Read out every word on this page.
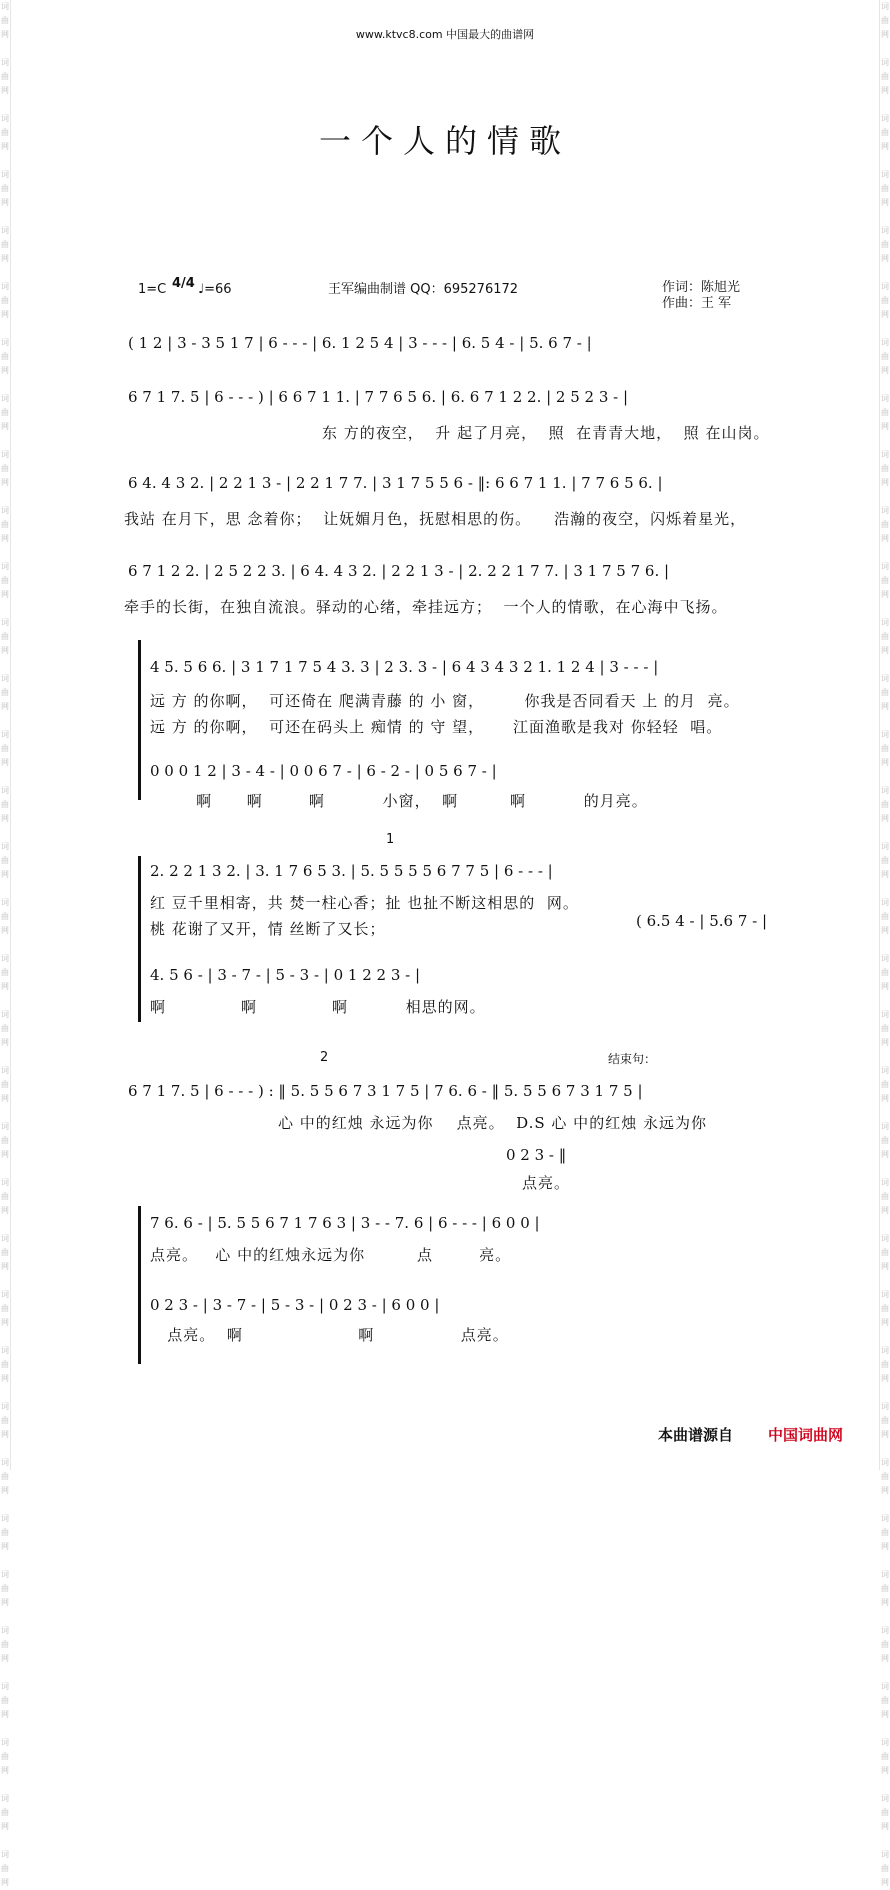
词
曲
网

词
曲
网

词
曲
网

词
曲
网

词
曲
网

词
曲
网

词
曲
网

词
曲
网

词
曲
网

词
曲
网

词
曲
网

词
曲
网

词
曲
网

词
曲
网

词
曲
网

词
曲
网

词
曲
网

词
曲
网

词
曲
网

词
曲
网

词
曲
网

词
曲
网

词
曲
网

词
曲
网

词
曲
网

词
曲
网

词
曲
网

词
曲
网

词
曲
网

词
曲
网

词
曲
网

词
曲
网

词
曲
网

词
曲
网

词
曲
网

词
曲
网

词
曲
网

词
曲
网

词
曲
网

词
曲
网

词
曲
网

词
曲
网

词
曲
网

词
曲
网

词
曲
网

词
曲
网

词
曲
网

词
曲
网

词
曲
网

词
曲
网

词
曲
网

词
曲
网

词
曲
网

词
曲
网

词
曲
网

词
曲
网

词
曲
网

词
曲
网

词
曲
网

词
曲
网

词
曲
网

词
曲
网

词
曲
网

词
曲
网

词
曲
网

词
曲
网

词
曲
网

词
曲
网

www.ktvc8.com 中国最大的曲谱网
一个人的情歌
1=C 4/4 ♩=66	王军编曲制谱 QQ：695276172	作词：陈旭光
作曲：王 军
( 1 2 | 3 - 3 5 1 7 | 6 - - - | 6. 1 2 5 4 | 3 - - - | 6. 5 4 - | 5. 6 7 - |
6 7 1 7. 5 | 6 - - - ) | 6 6 7 1 1. | 7 7 6 5 6. | 6. 6 7 1 2 2. | 2 5 2 3 - |
东 方的夜空，  升 起了月亮，  照  在青青大地，  照 在山岗。
6 4. 4 3 2. | 2 2 1 3 - | 2 2 1 7 7. | 3 1 7 5 5 6 - ‖: 6 6 7 1 1. | 7 7 6 5 6. |
我站 在月下，思 念着你；  让妩媚月色，抚慰相思的伤。    浩瀚的夜空，闪烁着星光，
6 7 1 2 2. | 2 5 2 2 3. | 6 4. 4 3 2. | 2 2 1 3 - | 2. 2 2 1 7 7. | 3 1 7 5 7 6. |
牵手的长街，在独自流浪。驿动的心绪，牵挂远方；  一个人的情歌，在心海中飞扬。
4 5. 5 6 6. | 3 1 7 1 7 5 4 3. 3 | 2 3. 3 - | 6 4 3 4 3 2 1. 1 2 4 | 3 - - - |
远 方 的你啊，  可还倚在 爬满青藤 的 小 窗，       你我是否同看天 上 的月  亮。
远 方 的你啊，  可还在码头上 痴情 的 守 望，     江面渔歌是我对 你轻轻  唱。
0 0 0 1 2 | 3 - 4 - | 0 0 6 7 - | 6 - 2 - | 0 5 6 7 - |
啊      啊        啊          小窗，  啊         啊          的月亮。
1
2. 2 2 1 3 2. | 3. 1 7 6 5 3. | 5. 5 5 5 5 6 7 7 5 | 6 - - - |
红 豆千里相寄，共 焚一柱心香；扯 也扯不断这相思的  网。
桃 花谢了又开，情 丝断了又长；	( 6.5 4 - | 5.6 7 - |
4. 5 6 - | 3 - 7 - | 5 - 3 - | 0 1 2 2 3 - |
啊             啊             啊          相思的网。
2	结束句：
6 7 1 7. 5 | 6 - - - ) : ‖ 5. 5 5 6 7 3 1 7 5 | 7 6. 6 - ‖ 5. 5 5 6 7 3 1 7 5 |
心 中的红烛 永远为你    点亮。  D.S 心 中的红烛 永远为你
0 2 3 - ‖
点亮。
7 6. 6 - | 5. 5 5 6 7 1 7 6 3 | 3 - - 7. 6 | 6 - - - | 6 0 0 |
点亮。   心 中的红烛永远为你         点        亮。
0 2 3 - | 3 - 7 - | 5 - 3 - | 0 2 3 - | 6 0 0 |
点亮。  啊                    啊               点亮。
本曲谱源自 中国词曲网
